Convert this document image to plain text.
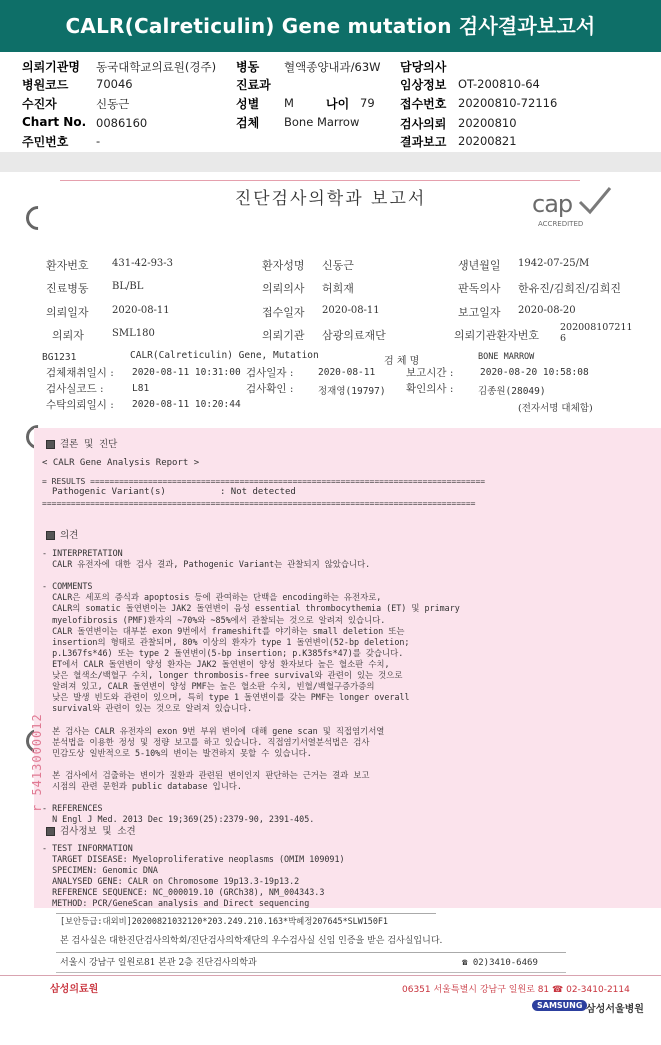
CALR(Calreticulin) Gene mutation 검사결과보고서
의뢰기관명 동국대학교의료원(경주) 병동 혈액종양내과/63W 담당의사
병원코드 70046	진료과	임상정보 OT-200810-64
수진자	신동근	성별 M	나이 79 접수번호 20200810-72116
Chart No. 0086160	검체 Bone Marrow	검사의뢰 20200810
주민번호 -	결과보고 20200821
진단검사의학과 보고서	cap
ACCREDITED
환자번호 431-42-93-3	환자성명 신동근	생년월일 1942-07-25/M
진료병동 BL/BL	의뢰의사 허희재	판독의사 한유진/김희진/김희진
의뢰일자 2020-08-11	접수일자 2020-08-11	보고일자 2020-08-20
의뢰자	SML180	의뢰기관 삼광의료재단	의뢰기관환자번호
202008107211
6
BG1231	CALR(Calreticulin) Gene, Mutation
검 체 명	BONE MARROW
검체채취일시 : 2020-08-11 10:31:00 검사일자 :	2020-08-11	보고시간 :	2020-08-20 10:58:08
검사실코드 :	L81	검사확인 :	정재영(19797) 확인의사 :	김종원(28049)
수탁의뢰일시 : 2020-08-11 10:20:44	(전자서명 대체함)
결론 및 진단
< CALR Gene Analysis Report >
= RESULTS ==================================================================================
Pathogenic Variant(s)          : Not detected
==========================================================================================
의견
- INTERPRETATION
CALR 유전자에 대한 검사 결과, Pathogenic Variant는 관찰되지 않았습니다.

- COMMENTS
CALR은 세포의 증식과 apoptosis 등에 관여하는 단백을 encoding하는 유전자로,
CALR의 somatic 돌연변이는 JAK2 돌연변이 음성 essential thrombocythemia (ET) 및 primary
myelofibrosis (PMF)환자의 ~70%와 ~85%에서 관찰되는 것으로 알려져 있습니다.
CALR 돌연변이는 대부분 exon 9번에서 frameshift를 야기하는 small deletion 또는
insertion의 형태로 관찰되며, 80% 이상의 환자가 type 1 돌연변이(52-bp deletion;
p.L367fs*46) 또는 type 2 돌연변이(5-bp insertion; p.K385fs*47)를 갖습니다.
ET에서 CALR 돌연변이 양성 환자는 JAK2 돌연변이 양성 환자보다 높은 혈소판 수치,
낮은 혈색소/백혈구 수치, longer thrombosis-free survival와 관련이 있는 것으로
알려져 있고, CALR 돌연변이 양성 PMF는 높은 혈소판 수치, 빈혈/백혈구증가증의
낮은 발생 빈도와 관련이 있으며, 특히 type 1 돌연변이를 갖는 PMF는 longer overall
survival와 관련이 있는 것으로 알려져 있습니다.

본 검사는 CALR 유전자의 exon 9번 부위 변이에 대해 gene scan 및 직접염기서열
분석법을 이용한 정성 및 정량 보고를 하고 있습니다. 직접염기서열분석법은 검사
민감도상 일반적으로 5-10%의 변이는 발견하지 못할 수 있습니다.

본 검사에서 검출하는 변이가 질환과 관련된 변이인지 판단하는 근거는 결과 보고
시점의 관련 문헌과 public database 입니다.

- REFERENCES
N Engl J Med. 2013 Dec 19;369(25):2379-90, 2391-405.
검사정보 및 소견
- TEST INFORMATION
TARGET DISEASE: Myeloproliferative neoplasms (OMIM 109091)
SPECIMEN: Genomic DNA
ANALYSED GENE: CALR on Chromosome 19p13.3-19p13.2
REFERENCE SEQUENCE: NC_000019.10 (GRCh38), NM_004343.3
METHOD: PCR/GeneScan analysis and Direct sequencing
r 5413000012
[보안등급:대외비]20200821032120*203.249.210.163*박혜정207645*SLW150F1
본 검사실은 대한진단검사의학회/진단검사의학재단의 우수검사실 신임 인증을 받은 검사실입니다.
서울시 강남구 일원로81 본관 2층 진단검사의학과	☎ 02)3410-6469
삼성의료원	06351 서울특별시 강남구 일원로 81 ☎ 02-3410-2114
SAMSUNG 삼성서울병원
